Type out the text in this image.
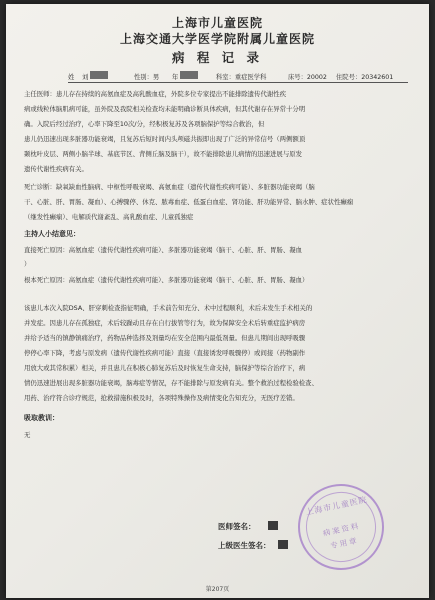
上海市儿童医院
上海交通大学医学院附属儿童医院
病 程 记 录
姓 刘	性别：男 年	科室：重症医学科	床号：20002 住院号：20342601
主任医师：患儿存在持续的高氨血症及高乳酸血症，外院多位专家提出不能排除遗传代谢性疾
病或线粒体脑肌病可能，虽外院及我院相关检查均未能明确诊断具体疾病，但其代谢存在异常十分明
确。入院后经过治疗，心率下降至10次/分，经积极复苏及各项脑保护等综合救治，但
患儿仍迅速出现多脏器功能衰竭，且复苏后短时间内头颅磁共振即出现了广泛的异常信号（两侧额顶
颞枕叶皮层、两侧小脑半球、基底节区、背侧丘脑及脑干），故不能排除患儿病情的迅速进展与原发
遗传代谢性疾病有关。
死亡诊断：缺氧缺血性脑病、中枢性呼吸衰竭、高氨血症（遗传代谢性疾病可能）、多脏器功能衰竭（脑
干、心脏、肝、胃肠、凝血）、心搏骤停、休克、脓毒血症、低蛋白血症、肾功能、肝功能异常、脑水肿、症状性癫痫
（继发性癫痫）、电解质代谢紊乱、高乳酸血症、儿童孤独症
主持人小结意见：
直接死亡原因：高氨血症（遗传代谢性疾病可能）、多脏器功能衰竭（脑干、心脏、肝、胃肠、凝血
）
根本死亡原因：高氨血症（遗传代谢性疾病可能）、多脏器功能衰竭（脑干、心脏、肝、胃肠、凝血）
该患儿本次入院DSA、肝穿刺检查指征明确，手术前告知充分、术中过程顺利，术后未发生手术相关的
并发症。因患儿存在孤独症，术后较躁动且存在自行拔管等行为，故为保障安全术后转重症监护病房
并给予适当的镇静镇痛治疗，药物品种选择及剂量均在安全范围内最低剂量。但患儿期间出现呼吸骤
停停心率下降，考虑与原发病（遗传代谢性疾病可能）直接（直接诱发呼吸骤停）或间接（药物副作
用放大或其常积累）相关，并且患儿在积极心肺复苏后及时恢复生命支持，脑保护等综合治疗下，病
情仍迅速进展出现多脏器功能衰竭，脑毒症等情况，存不能排除与原发病有关。整个救治过程检验检查、
用药、治疗符合诊疗规范，抢救措施积极及时，各项特殊操作及病情变化告知充分，无医疗差错。
吸取教训：
无
医师签名：
上级医生签名：
上海市儿童医院
病案资料
专用章
第207页
